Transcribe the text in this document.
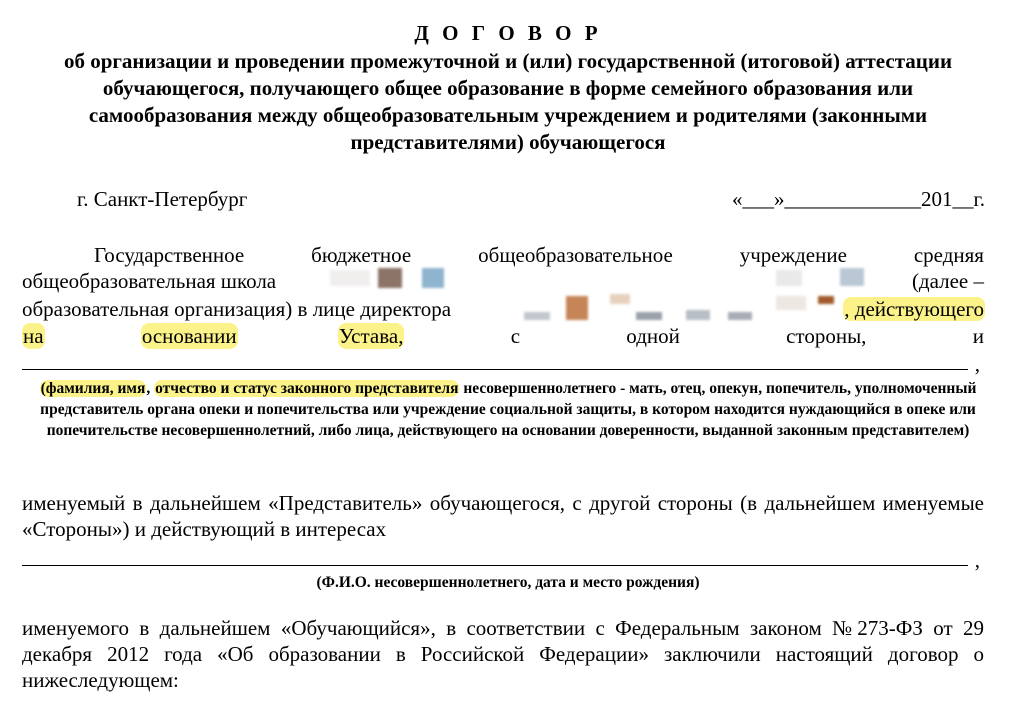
Д О Г О В О Р
об организации и проведении промежуточной и (или) государственной (итоговой) аттестации обучающегося, получающего общее образование в форме семейного образования или самообразования между общеобразовательным учреждением и родителями (законными представителями) обучающегося
г. Санкт-Петербург	«___»_____________201__г.
Государственное	бюджетное	общеобразовательное	учреждение	средняя
общеобразовательная школа	(далее –
образовательная организация) в лице директора	, действующего
на	основании	Устава,	с	одной	стороны,	и
,
(фамилия, имя, отчество и статус законного представителя несовершеннолетнего - мать, отец, опекун, попечитель, уполномоченный представитель органа опеки и попечительства или учреждение социальной защиты, в котором находится нуждающийся в опеке или попечительстве несовершеннолетний, либо лица, действующего на основании доверенности, выданной законным представителем)
именуемый в дальнейшем «Представитель» обучающегося, с другой стороны (в дальнейшем именуемые «Стороны») и действующий в интересах
,
(Ф.И.О. несовершеннолетнего, дата и место рождения)
именуемого в дальнейшем «Обучающийся», в соответствии с Федеральным законом №273-ФЗ от 29 декабря 2012 года «Об образовании в Российской Федерации» заключили настоящий договор о нижеследующем:
